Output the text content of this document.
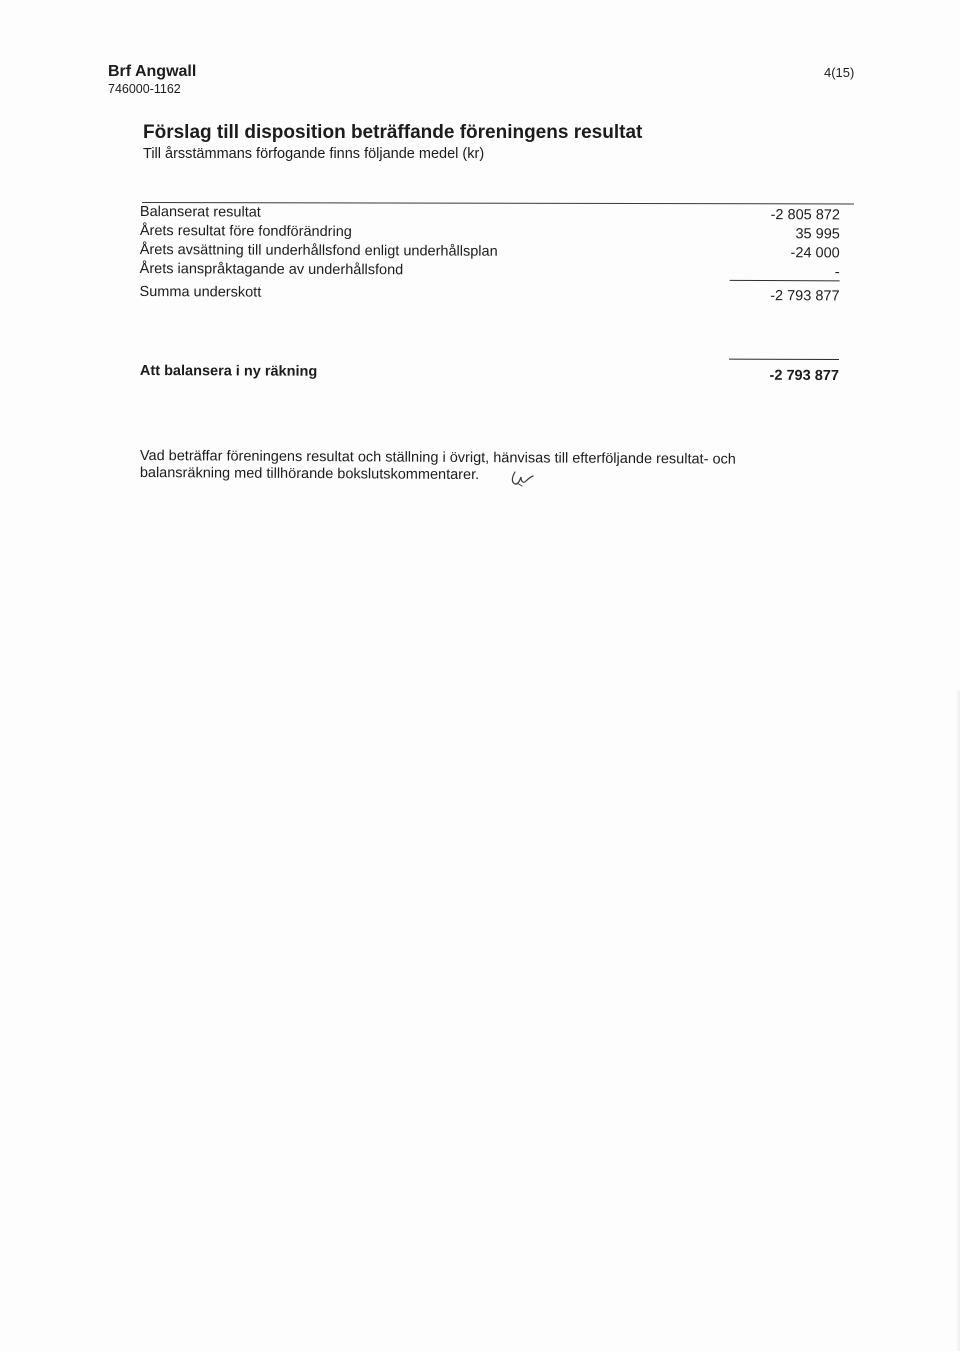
Brf Angwall
746000-1162
4(15)
Förslag till disposition beträffande föreningens resultat
Till årsstämmans förfogande finns följande medel (kr)
Balanserat resultat	-2 805 872
Årets resultat före fondförändring	35 995
Årets avsättning till underhållsfond enligt underhållsplan	-24 000
Årets ianspråktagande av underhållsfond	-
Summa underskott	-2 793 877
Att balansera i ny räkning	-2 793 877
Vad beträffar föreningens resultat och ställning i övrigt, hänvisas till efterföljande resultat- och
balansräkning med tillhörande bokslutskommentarer.
